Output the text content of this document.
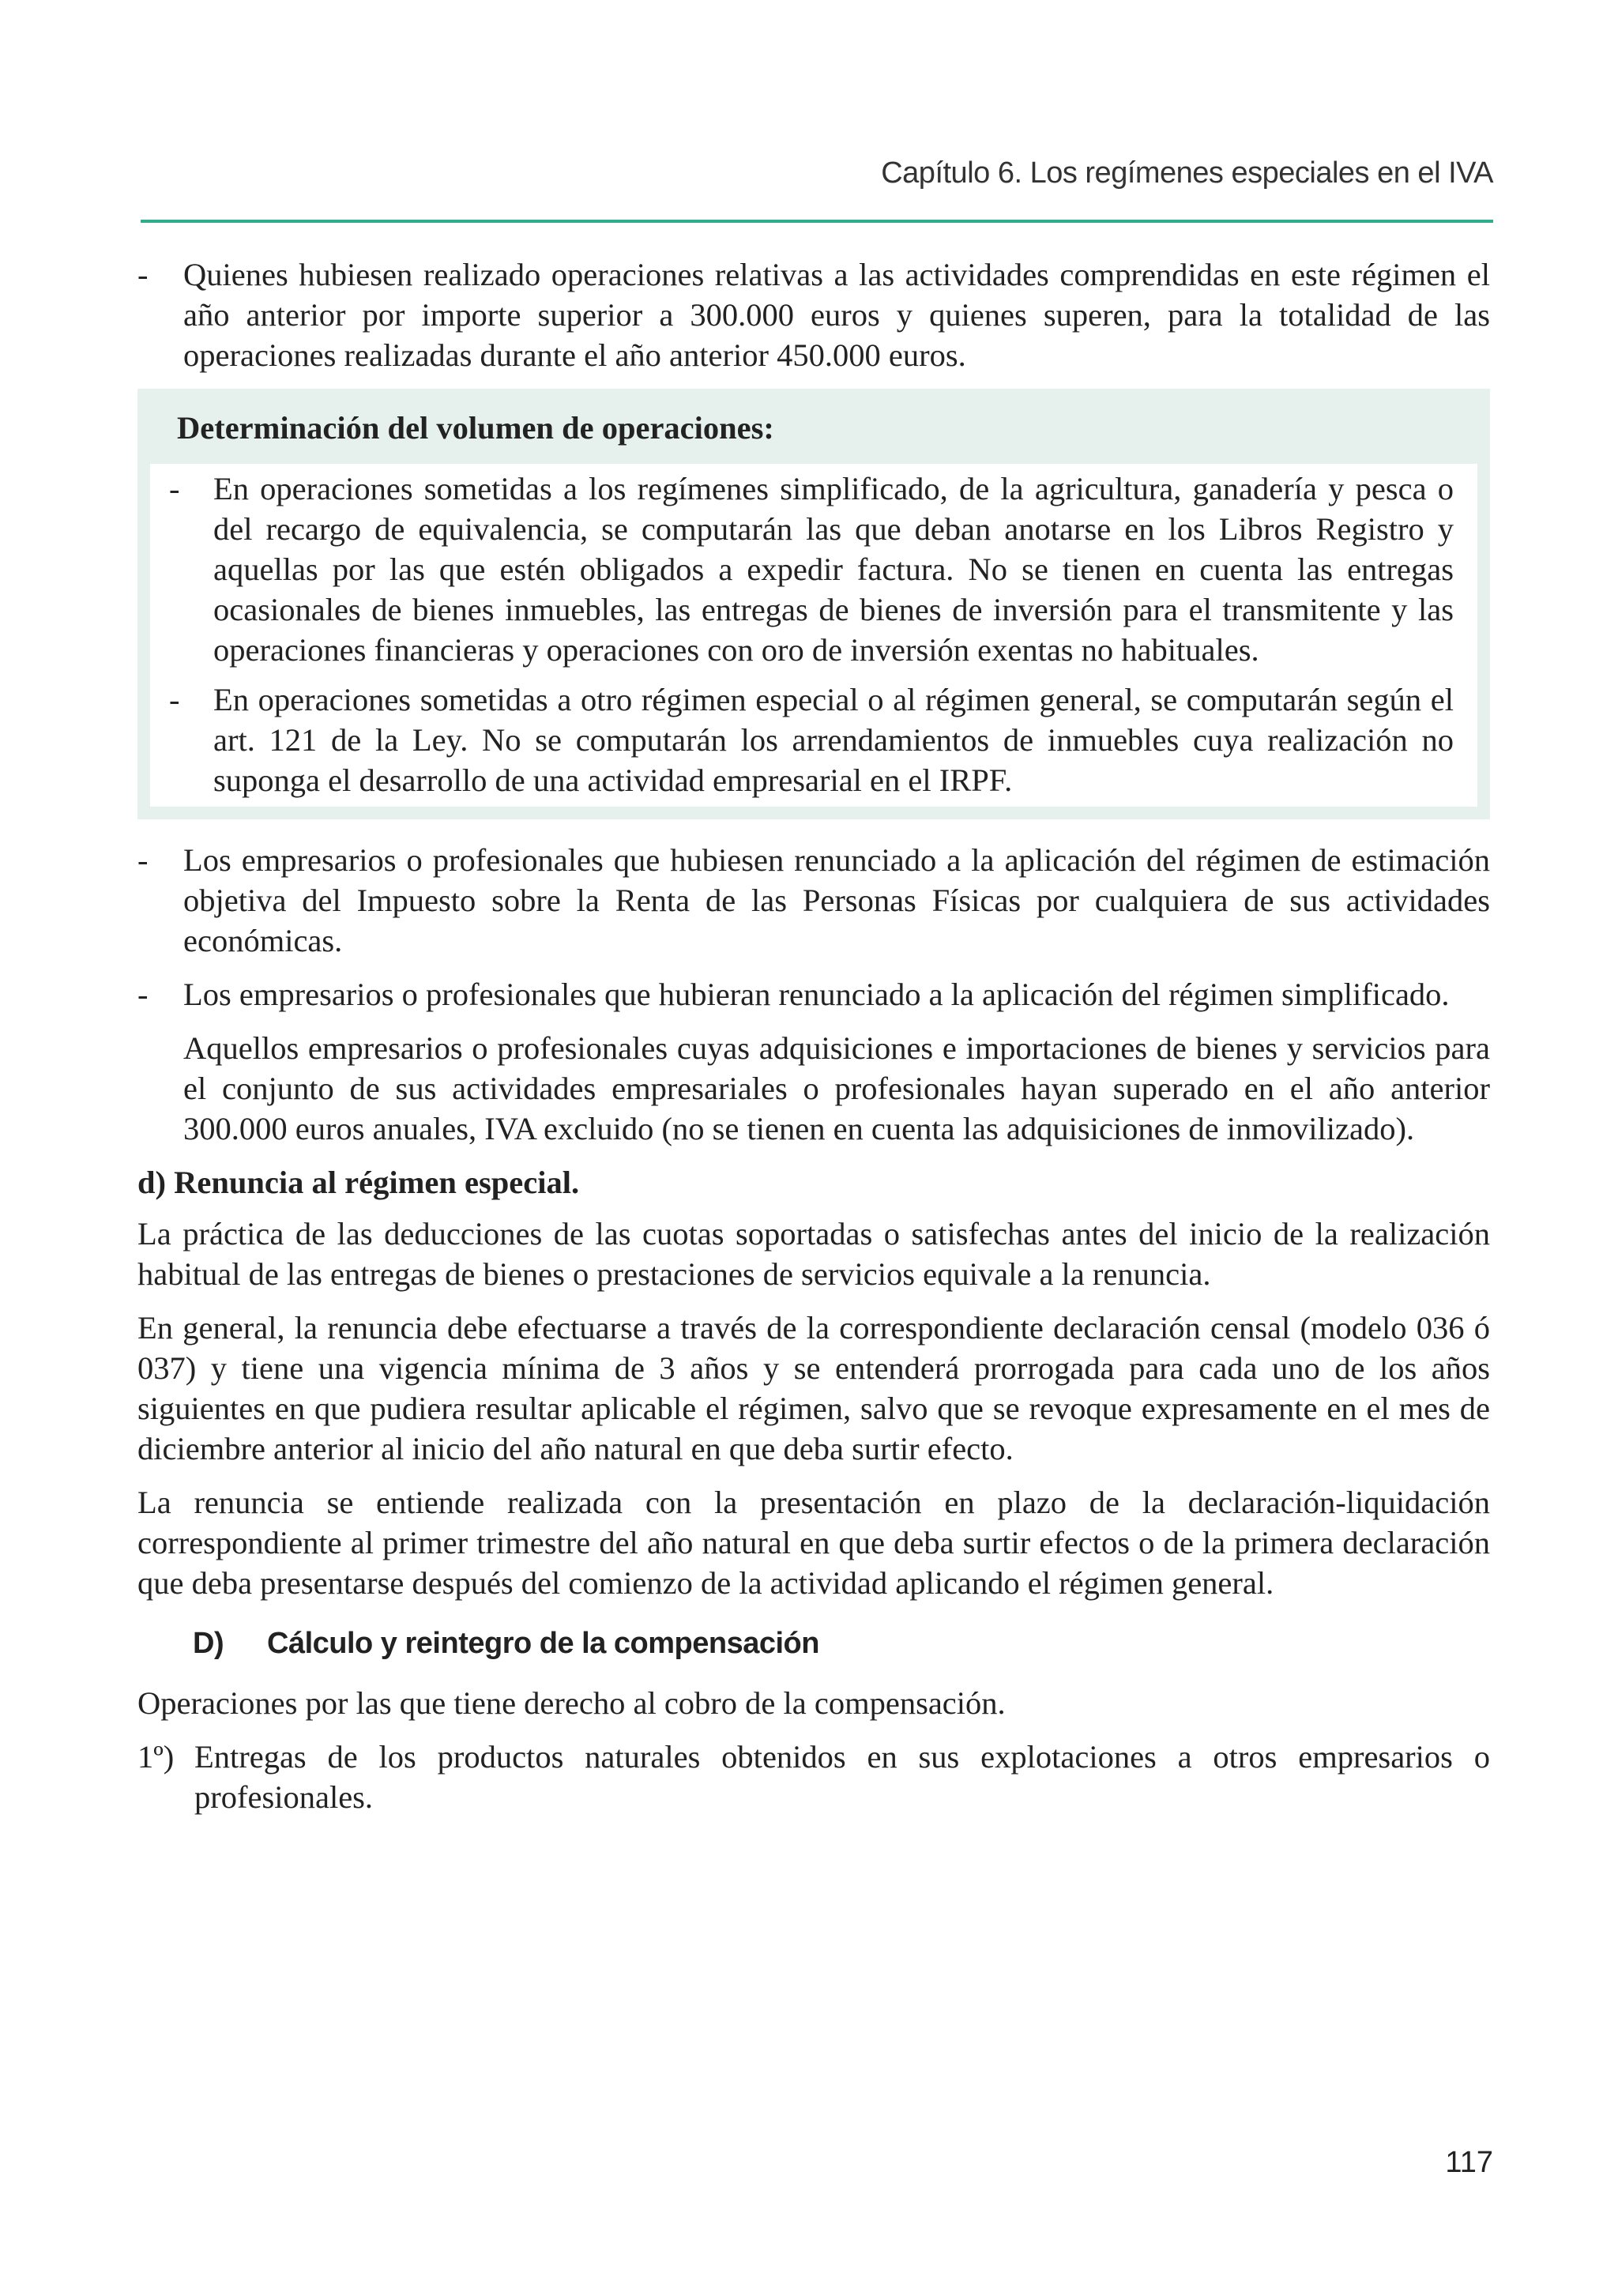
Capítulo 6. Los regímenes especiales en el IVA
- Quienes hubiesen realizado operaciones relativas a las actividades comprendidas en este régimen el año anterior por importe superior a 300.000 euros y quienes superen, para la totalidad de las operaciones realizadas durante el año anterior 450.000 euros.
Determinación del volumen de operaciones:
- En operaciones sometidas a los regímenes simplificado, de la agricultura, ganadería y pesca o del recargo de equivalencia, se computarán las que deban anotarse en los Libros Registro y aquellas por las que estén obligados a expedir factura. No se tienen en cuenta las entregas ocasionales de bienes inmuebles, las entregas de bienes de inversión para el transmitente y las operaciones financieras y operaciones con oro de inversión exentas no habituales.
- En operaciones sometidas a otro régimen especial o al régimen general, se computarán según el art. 121 de la Ley. No se computarán los arrendamientos de inmuebles cuya realización no suponga el desarrollo de una actividad empresarial en el IRPF.
- Los empresarios o profesionales que hubiesen renunciado a la aplicación del régimen de estimación objetiva del Impuesto sobre la Renta de las Personas Físicas por cualquiera de sus actividades económicas.
- Los empresarios o profesionales que hubieran renunciado a la aplicación del régimen simplificado.
Aquellos empresarios o profesionales cuyas adquisiciones e importaciones de bienes y servicios para el conjunto de sus actividades empresariales o profesionales hayan superado en el año anterior 300.000 euros anuales, IVA excluido (no se tienen en cuenta las adquisiciones de inmovilizado).
d) Renuncia al régimen especial.
La práctica de las deducciones de las cuotas soportadas o satisfechas antes del inicio de la realización habitual de las entregas de bienes o prestaciones de servicios equivale a la renuncia.
En general, la renuncia debe efectuarse a través de la correspondiente declaración censal (modelo 036 ó 037) y tiene una vigencia mínima de 3 años y se entenderá prorrogada para cada uno de los años siguientes en que pudiera resultar aplicable el régimen, salvo que se revoque expresamente en el mes de diciembre anterior al inicio del año natural en que deba surtir efecto.
La renuncia se entiende realizada con la presentación en plazo de la declaración-liquidación correspondiente al primer trimestre del año natural en que deba surtir efectos o de la primera declaración que deba presentarse después del comienzo de la actividad aplicando el régimen general.
D) Cálculo y reintegro de la compensación
Operaciones por las que tiene derecho al cobro de la compensación.
1º) Entregas de los productos naturales obtenidos en sus explotaciones a otros empresarios o profesionales.
117
